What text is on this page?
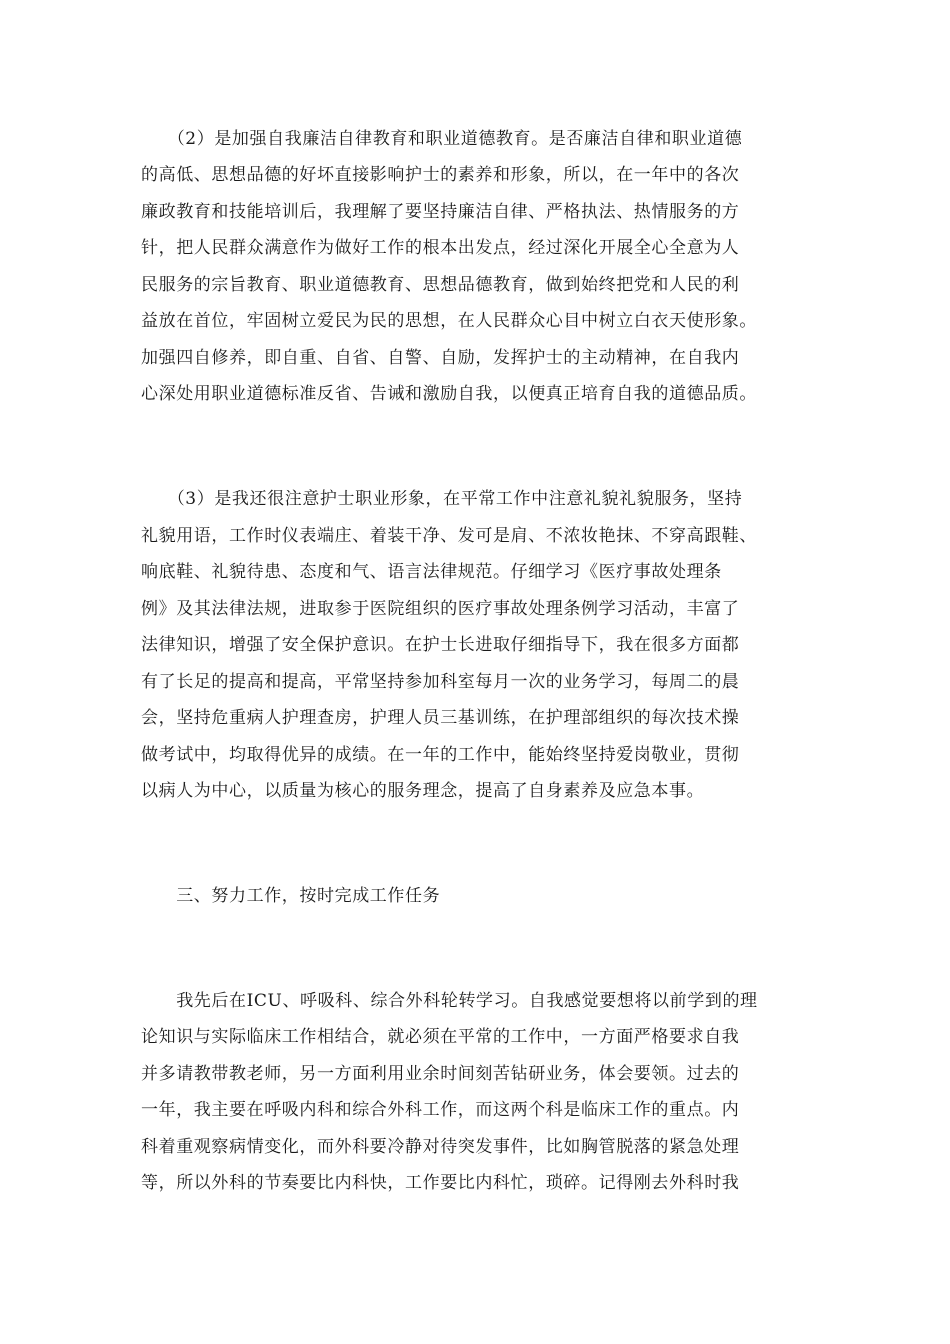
　　（2）是加强自我廉洁自律教育和职业道德教育。是否廉洁自律和职业道德
的高低、思想品德的好坏直接影响护士的素养和形象，所以，在一年中的各次
廉政教育和技能培训后，我理解了要坚持廉洁自律、严格执法、热情服务的方
针，把人民群众满意作为做好工作的根本出发点，经过深化开展全心全意为人
民服务的宗旨教育、职业道德教育、思想品德教育，做到始终把党和人民的利
益放在首位，牢固树立爱民为民的思想，在人民群众心目中树立白衣天使形象。
加强四自修养，即自重、自省、自警、自励，发挥护士的主动精神，在自我内
心深处用职业道德标准反省、告诫和激励自我，以便真正培育自我的道德品质。
　　（3）是我还很注意护士职业形象，在平常工作中注意礼貌礼貌服务，坚持
礼貌用语，工作时仪表端庄、着装干净、发可是肩、不浓妆艳抹、不穿高跟鞋、
响底鞋、礼貌待患、态度和气、语言法律规范。仔细学习《医疗事故处理条
例》及其法律法规，进取参于医院组织的医疗事故处理条例学习活动，丰富了
法律知识，增强了安全保护意识。在护士长进取仔细指导下，我在很多方面都
有了长足的提高和提高，平常坚持参加科室每月一次的业务学习，每周二的晨
会，坚持危重病人护理查房，护理人员三基训练，在护理部组织的每次技术操
做考试中，均取得优异的成绩。在一年的工作中，能始终坚持爱岗敬业，贯彻
以病人为中心，以质量为核心的服务理念，提高了自身素养及应急本事。
　　三、努力工作，按时完成工作任务
　　我先后在ICU、呼吸科、综合外科轮转学习。自我感觉要想将以前学到的理
论知识与实际临床工作相结合，就必须在平常的工作中，一方面严格要求自我
并多请教带教老师，另一方面利用业余时间刻苦钻研业务，体会要领。过去的
一年，我主要在呼吸内科和综合外科工作，而这两个科是临床工作的重点。内
科着重观察病情变化，而外科要冷静对待突发事件，比如胸管脱落的紧急处理
等，所以外科的节奏要比内科快，工作要比内科忙，琐碎。记得刚去外科时我
